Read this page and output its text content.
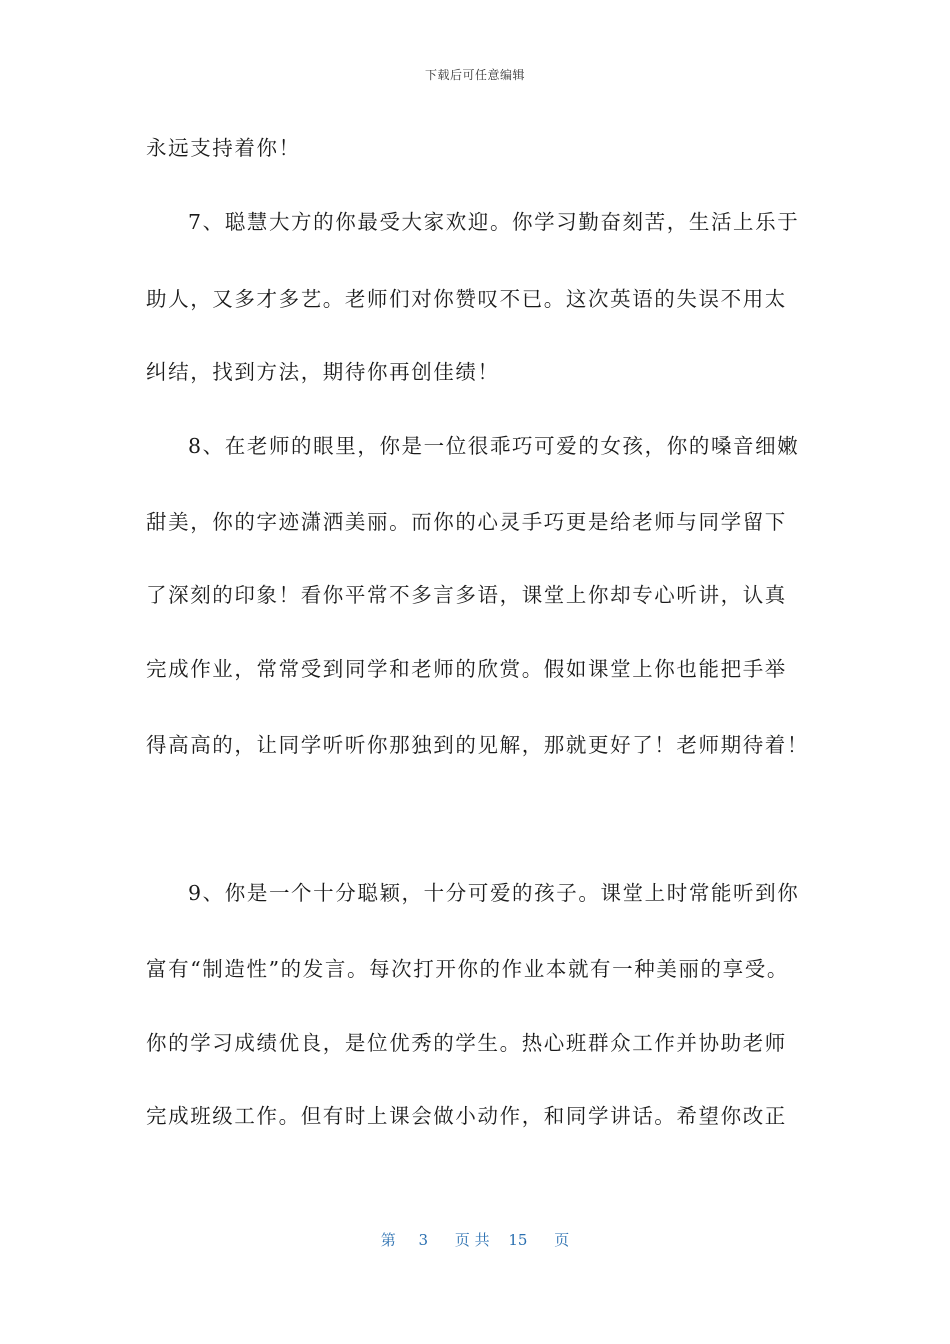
下载后可任意编辑
永远支持着你！
7、聪慧大方的你最受大家欢迎。你学习勤奋刻苦，生活上乐于
助人，又多才多艺。老师们对你赞叹不已。这次英语的失误不用太
纠结，找到方法，期待你再创佳绩！
8、在老师的眼里，你是一位很乖巧可爱的女孩，你的嗓音细嫩
甜美，你的字迹潇洒美丽。而你的心灵手巧更是给老师与同学留下
了深刻的印象！看你平常不多言多语，课堂上你却专心听讲，认真
完成作业，常常受到同学和老师的欣赏。假如课堂上你也能把手举
得高高的，让同学听听你那独到的见解，那就更好了！老师期待着！
9、你是一个十分聪颖，十分可爱的孩子。课堂上时常能听到你
富有“制造性”的发言。每次打开你的作业本就有一种美丽的享受。
你的学习成绩优良，是位优秀的学生。热心班群众工作并协助老师
完成班级工作。但有时上课会做小动作，和同学讲话。希望你改正
第 3 页 共 15 页
